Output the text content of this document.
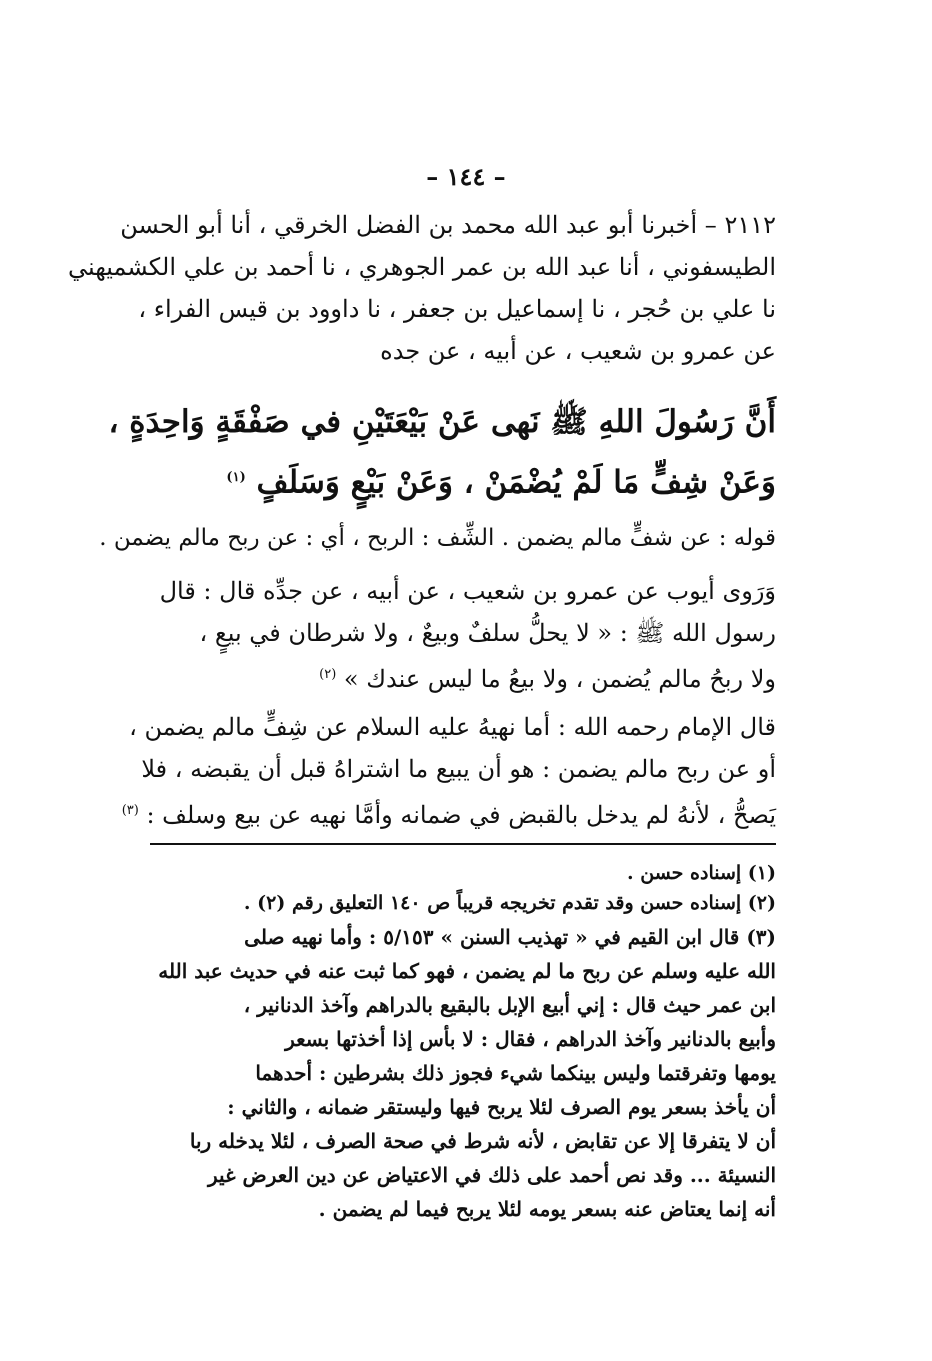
– ١٤٤ –
٢١١٢ – أخبرنا أبو عبد الله محمد بن الفضل الخرقي ، أنا أبو الحسن
الطيسفوني ، أنا عبد الله بن عمر الجوهري ، نا أحمد بن علي الكشميهني
نا علي بن حُجر ، نا إسماعيل بن جعفر ، نا داوود بن قيس الفراء ،
عن عمرو بن شعيب ، عن أبيه ، عن جده
أَنَّ رَسُولَ اللهِ ﷺ نَهى عَنْ بَيْعَتَيْنِ في صَفْقَةٍ وَاحِدَةٍ ،
وَعَنْ شِفٍّ مَا لَمْ يُضْمَنْ ، وَعَنْ بَيْعٍ وَسَلَفٍ $^{(١)}$
قوله : عن شفٍّ مالم يضمن . الشِّف : الربح ، أي : عن ربح مالم يضمن .
وَرَوى أيوب عن عمرو بن شعيب ، عن أبيه ، عن جدِّه قال : قال
رسول الله ﷺ : « لا يحلُّ سلفٌ وبيعٌ ، ولا شرطان في بيعٍ ،
ولا ربحُ مالم يُضمن ، ولا بيعُ ما ليس عندك » $^{(٢)}$
قال الإمام رحمه الله : أما نهيهُ عليه السلام عن شِفٍّ مالم يضمن ،
أو عن ربح مالم يضمن : هو أن يبيع ما اشتراهُ قبل أن يقبضه ، فلا
يَصحُّ ، لأنهُ لم يدخل بالقبض في ضمانه وأمَّا نهيه عن بيع وسلف : $^{(٣)}$
(١) إسناده حسن .
(٢) إسناده حسن وقد تقدم تخريجه قريباً ص ١٤٠ التعليق رقم (٢) .
(٣) قال ابن القيم في « تهذيب السنن » ٥/١٥٣ : وأما نهيه صلى
الله عليه وسلم عن ربح ما لم يضمن ، فهو كما ثبت عنه في حديث عبد الله
ابن عمر حيث قال : إني أبيع الإبل بالبقيع بالدراهم وآخذ الدنانير ،
وأبيع بالدنانير وآخذ الدراهم ، فقال : لا بأس إذا أخذتها بسعر
يومها وتفرقتما وليس بينكما شيء فجوز ذلك بشرطين : أحدهما
أن يأخذ بسعر يوم الصرف لئلا يربح فيها وليستقر ضمانه ، والثاني :
أن لا يتفرقا إلا عن تقابض ، لأنه شرط في صحة الصرف ، لئلا يدخله ربا
النسيئة ... وقد نص أحمد على ذلك في الاعتياض عن دين العرض غير
أنه إنما يعتاض عنه بسعر يومه لئلا يربح فيما لم يضمن .
